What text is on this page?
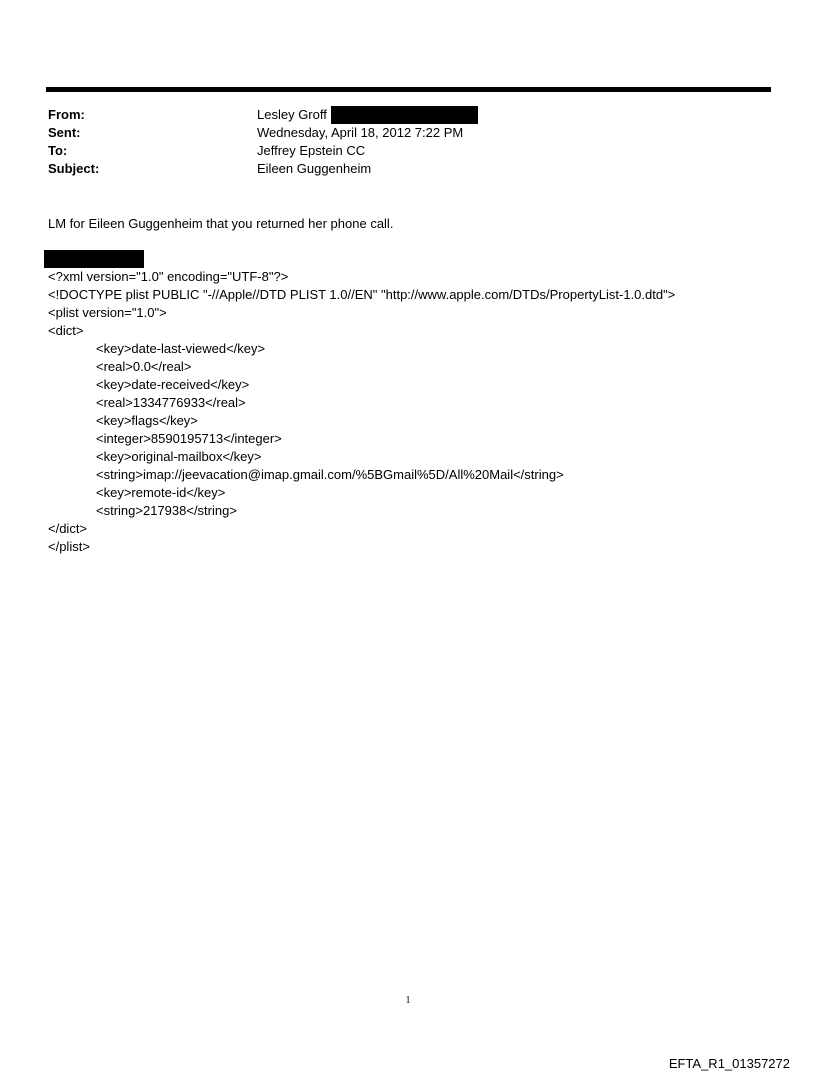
From:	Lesley Groff
Sent:	Wednesday, April 18, 2012 7:22 PM
To:	Jeffrey Epstein CC
Subject:	Eileen Guggenheim
LM for Eileen Guggenheim that you returned her phone call.
<?xml version="1.0" encoding="UTF-8"?>
<!DOCTYPE plist PUBLIC "-//Apple//DTD PLIST 1.0//EN" "http://www.apple.com/DTDs/PropertyList-1.0.dtd">
<plist version="1.0">
<dict>
<key>date-last-viewed</key>
<real>0.0</real>
<key>date-received</key>
<real>1334776933</real>
<key>flags</key>
<integer>8590195713</integer>
<key>original-mailbox</key>
<string>imap://jeevacation@imap.gmail.com/%5BGmail%5D/All%20Mail</string>
<key>remote-id</key>
<string>217938</string>
</dict>
</plist>
1
EFTA_R1_01357272
